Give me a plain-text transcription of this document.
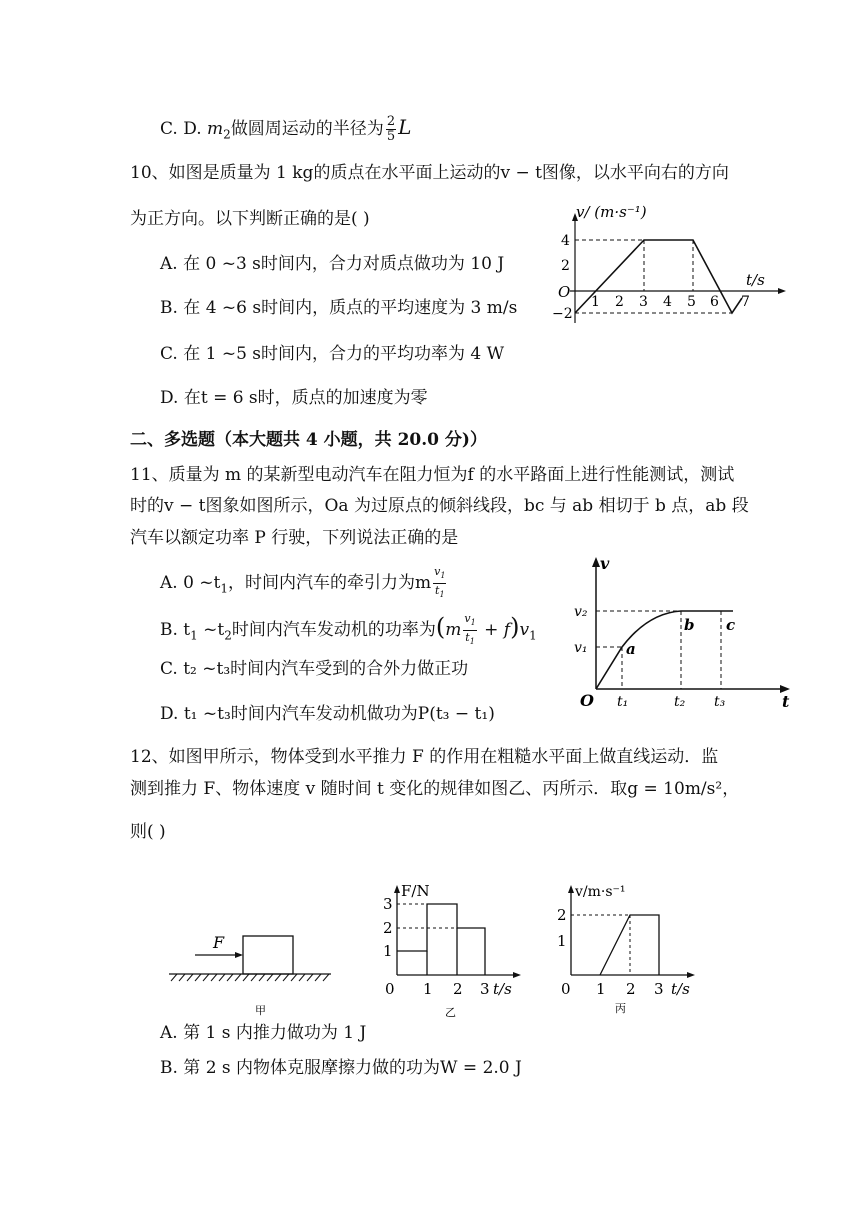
C. D. $m_2$做圆周运动的半径为 $\frac{2}{5}$ L
10、如图是质量为 1 kg的质点在水平面上运动的v − t图像，以水平向右的方向
为正方向。以下判断正确的是( )
A. 在 0 ~3 s时间内，合力对质点做功为 10 J
B. 在 4 ~6 s时间内，质点的平均速度为 3 m/s
C. 在 1 ~5 s时间内，合力的平均功率为 4 W
D. 在t = 6 s时，质点的加速度为零
v/ (m·s⁻¹)
t/s
O
4
2
−2
1 2 3 4 5 6 7
二、多选题（本大题共 4 小题，共 20.0 分)）
11、质量为 m 的某新型电动汽车在阻力恒为f 的水平路面上进行性能测试，测试
时的v − t图象如图所示，Oa 为过原点的倾斜线段，bc 与 ab 相切于 b 点，ab 段
汽车以额定功率 P 行驶，下列说法正确的是
A. 0 $\sim t_1$，时间内汽车的牵引力为m $\frac{v_1}{t_1}$
B. $t_1$ $\sim t_2$时间内汽车发动机的功率为$(m \frac{v_1}{t_1} + f)v_1$
C. t₂ ~t₃时间内汽车受到的合外力做正功
D. t₁ ~t₃时间内汽车发动机做功为P(t₃ − t₁)
v
t
O
v₂
v₁	a
b c
t₁	t₂ t₃
12、如图甲所示，物体受到水平推力 F 的作用在粗糙水平面上做直线运动．监
测到推力 F、物体速度 v 随时间 t 变化的规律如图乙、丙所示．取g = 10m/s²，
则( )
F
甲
F/N
t/s
0
3
2
1
1 2 3
乙
v/m·s⁻¹
t/s
0
2
1
1 2 3
丙
A. 第 1 s 内推力做功为 1 J
B. 第 2 s 内物体克服摩擦力做的功为W = 2.0 J
